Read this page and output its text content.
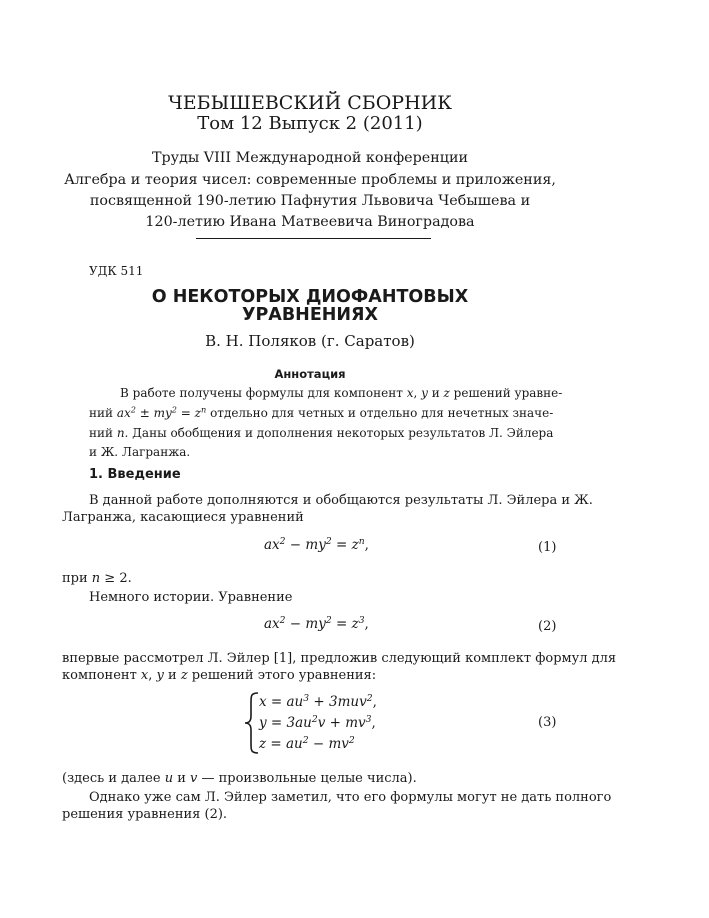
ЧЕБЫШЕВСКИЙ СБОРНИК
Том 12 Выпуск 2 (2011)
Труды VIII Международной конференции
Алгебра и теория чисел: современные проблемы и приложения,
посвященной 190-летию Пафнутия Львовича Чебышева и
120-летию Ивана Матвеевича Виноградова
УДК 511
О НЕКОТОРЫХ ДИОФАНТОВЫХ
УРАВНЕНИЯХ
В. Н. Поляков (г. Саратов)
Аннотация
В работе получены формулы для компонент x, y и z решений уравне-
ний $ax^2 \pm my^2 = z^n$ отдельно для четных и отдельно для нечетных значе-
ний n. Даны обобщения и дополнения некоторых результатов Л. Эйлера
и Ж. Лагранжа.
1. Введение
В данной работе дополняются и обобщаются результаты Л. Эйлера и Ж.
Лагранжа, касающиеся уравнений
$ax^2 - my^2 = z^n$,	(1)
при n ≥ 2.
Немного истории. Уравнение
$ax^2 - my^2 = z^3$,	(2)
впервые рассмотрел Л. Эйлер [1], предложив следующий комплект формул для
компонент x, y и z решений этого уравнения:
$x = au^3 + 3muv^2$,
$y = 3au^2v + mv^3$,
$z = au^2 - mv^2$
(3)
(здесь и далее u и v — произвольные целые числа).
Однако уже сам Л. Эйлер заметил, что его формулы могут не дать полного
решения уравнения (2).
